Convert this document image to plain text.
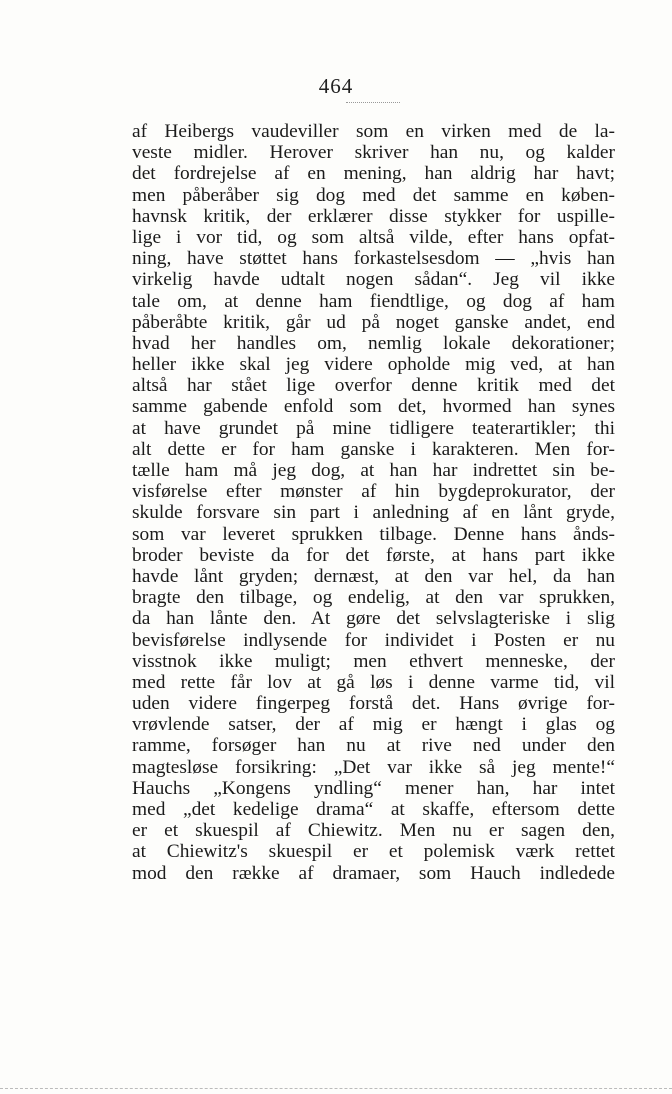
464
af Heibergs vaudeviller som en virken med de la-
veste midler. Herover skriver han nu, og kalder
det fordrejelse af en mening, han aldrig har havt;
men påberåber sig dog med det samme en køben-
havnsk kritik, der erklærer disse stykker for uspille-
lige i vor tid, og som altså vilde, efter hans opfat-
ning, have støttet hans forkastelsesdom — „hvis han
virkelig havde udtalt nogen sådan“. Jeg vil ikke
tale om, at denne ham fiendtlige, og dog af ham
påberåbte kritik, går ud på noget ganske andet, end
hvad her handles om, nemlig lokale dekorationer;
heller ikke skal jeg videre opholde mig ved, at han
altså har stået lige overfor denne kritik med det
samme gabende enfold som det, hvormed han synes
at have grundet på mine tidligere teaterartikler; thi
alt dette er for ham ganske i karakteren. Men for-
tælle ham må jeg dog, at han har indrettet sin be-
visførelse efter mønster af hin bygdeprokurator, der
skulde forsvare sin part i anledning af en lånt gryde,
som var leveret sprukken tilbage. Denne hans ånds-
broder beviste da for det første, at hans part ikke
havde lånt gryden; dernæst, at den var hel, da han
bragte den tilbage, og endelig, at den var sprukken,
da han lånte den. At gøre det selvslagteriske i slig
bevisførelse indlysende for individet i Posten er nu
visstnok ikke muligt; men ethvert menneske, der
med rette får lov at gå løs i denne varme tid, vil
uden videre fingerpeg forstå det. Hans øvrige for-
vrøvlende satser, der af mig er hængt i glas og
ramme, forsøger han nu at rive ned under den
magtesløse forsikring: „Det var ikke så jeg mente!“
Hauchs „Kongens yndling“ mener han, har intet
med „det kedelige drama“ at skaffe, eftersom dette
er et skuespil af Chiewitz. Men nu er sagen den,
at Chiewitz's skuespil er et polemisk værk rettet
mod den række af dramaer, som Hauch indledede
